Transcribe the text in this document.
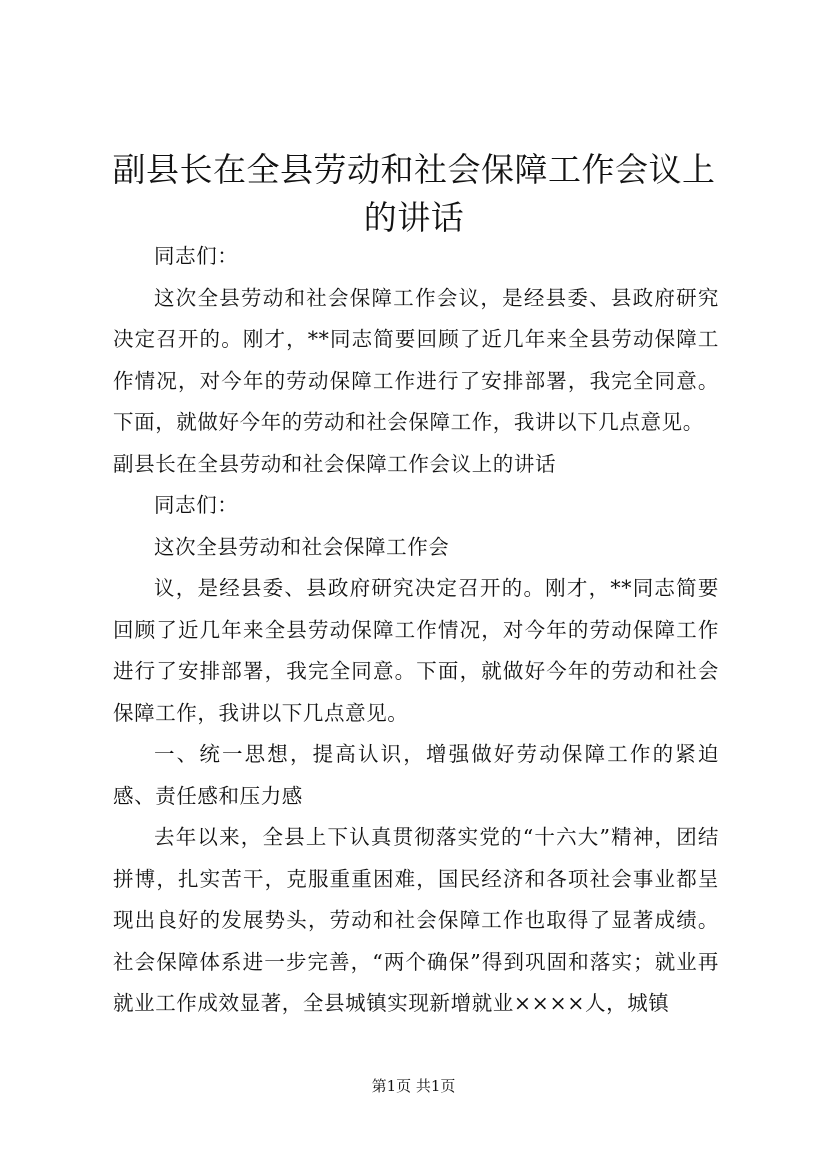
副县长在全县劳动和社会保障工作会议上的讲话

同志们：

这次全县劳动和社会保障工作会议，是经县委、县政府研究决定召开的。刚才，**同志简要回顾了近几年来全县劳动保障工作情况，对今年的劳动保障工作进行了安排部署，我完全同意。下面，就做好今年的劳动和社会保障工作，我讲以下几点意见。

副县长在全县劳动和社会保障工作会议上的讲话

同志们：

这次全县劳动和社会保障工作会

议，是经县委、县政府研究决定召开的。刚才，**同志简要回顾了近几年来全县劳动保障工作情况，对今年的劳动保障工作进行了安排部署，我完全同意。下面，就做好今年的劳动和社会保障工作，我讲以下几点意见。

一、统一思想，提高认识，增强做好劳动保障工作的紧迫感、责任感和压力感

去年以来，全县上下认真贯彻落实党的“十六大”精神，团结拼博，扎实苦干，克服重重困难，国民经济和各项社会事业都呈现出良好的发展势头，劳动和社会保障工作也取得了显著成绩。社会保障体系进一步完善，“两个确保”得到巩固和落实；就业再就业工作成效显著，全县城镇实现新增就业××××人，城镇

第1页 共1页
